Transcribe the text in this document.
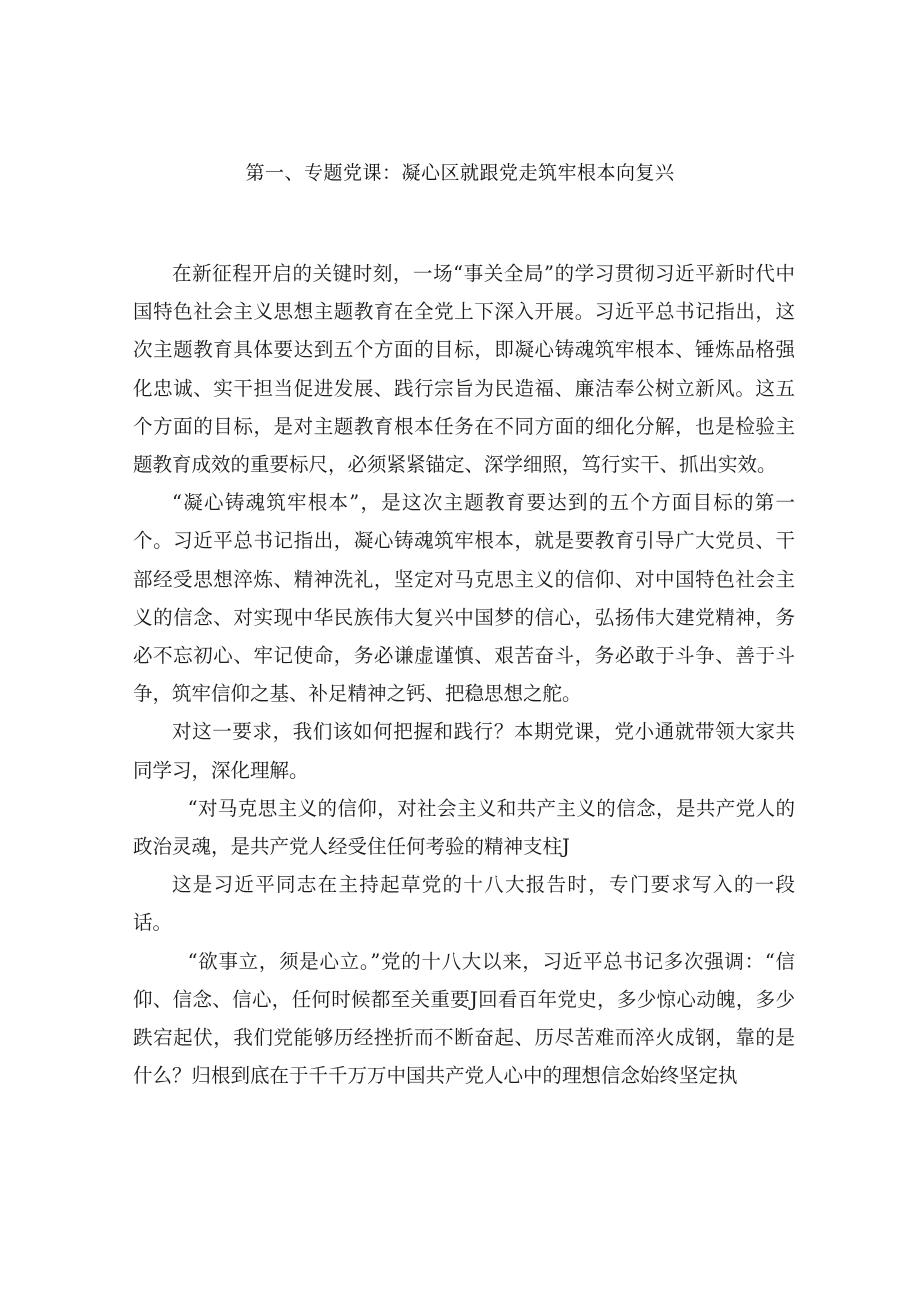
第一、专题党课：凝心区就跟党走筑牢根本向复兴

在新征程开启的关键时刻，一场“事关全局”的学习贯彻习近平新时代中国特色社会主义思想主题教育在全党上下深入开展。习近平总书记指出，这次主题教育具体要达到五个方面的目标，即凝心铸魂筑牢根本、锤炼品格强化忠诚、实干担当促进发展、践行宗旨为民造福、廉洁奉公树立新风。这五个方面的目标，是对主题教育根本任务在不同方面的细化分解，也是检验主题教育成效的重要标尺，必须紧紧锚定、深学细照，笃行实干、抓出实效。

“凝心铸魂筑牢根本”，是这次主题教育要达到的五个方面目标的第一个。习近平总书记指出，凝心铸魂筑牢根本，就是要教育引导广大党员、干部经受思想淬炼、精神洗礼，坚定对马克思主义的信仰、对中国特色社会主义的信念、对实现中华民族伟大复兴中国梦的信心，弘扬伟大建党精神，务必不忘初心、牢记使命，务必谦虚谨慎、艰苦奋斗，务必敢于斗争、善于斗争，筑牢信仰之基、补足精神之钙、把稳思想之舵。

对这一要求，我们该如何把握和践行？本期党课，党小通就带领大家共同学习，深化理解。

“对马克思主义的信仰，对社会主义和共产主义的信念，是共产党人的政治灵魂，是共产党人经受住任何考验的精神支柱J

这是习近平同志在主持起草党的十八大报告时，专门要求写入的一段话。

“欲事立，须是心立。”党的十八大以来，习近平总书记多次强调：“信仰、信念、信心，任何时候都至关重要J回看百年党史，多少惊心动魄，多少跌宕起伏，我们党能够历经挫折而不断奋起、历尽苦难而淬火成钢，靠的是什么？归根到底在于千千万万中国共产党人心中的理想信念始终坚定执
